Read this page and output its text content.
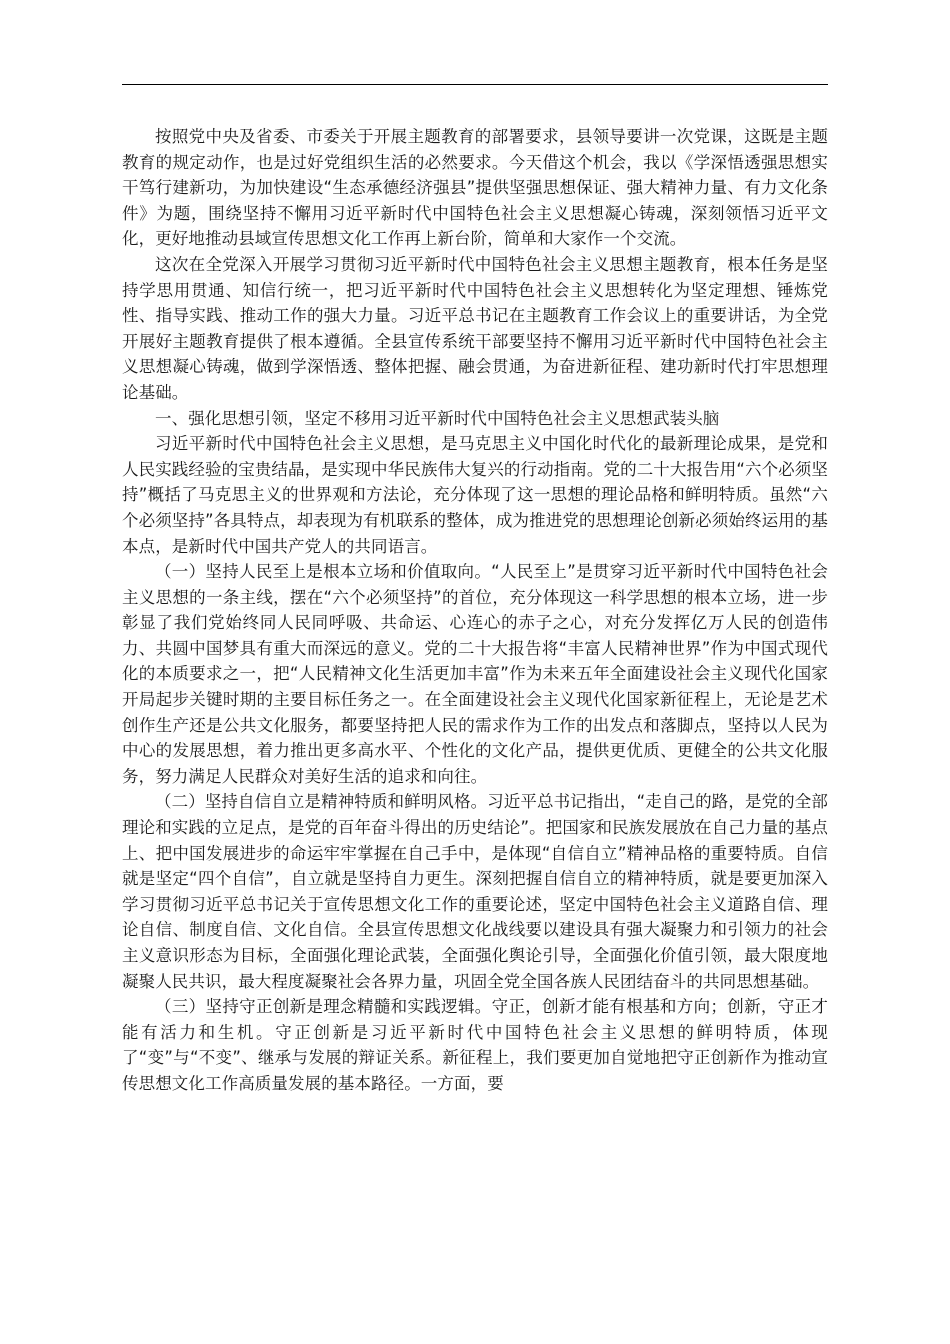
按照党中央及省委、市委关于开展主题教育的部署要求，县领导要讲一次党课，这既是主题教育的规定动作，也是过好党组织生活的必然要求。今天借这个机会，我以《学深悟透强思想实干笃行建新功，为加快建设“生态承德经济强县”提供坚强思想保证、强大精神力量、有力文化条件》为题，围绕坚持不懈用习近平新时代中国特色社会主义思想凝心铸魂，深刻领悟习近平文化，更好地推动县域宣传思想文化工作再上新台阶，简单和大家作一个交流。

这次在全党深入开展学习贯彻习近平新时代中国特色社会主义思想主题教育，根本任务是坚持学思用贯通、知信行统一，把习近平新时代中国特色社会主义思想转化为坚定理想、锤炼党性、指导实践、推动工作的强大力量。习近平总书记在主题教育工作会议上的重要讲话，为全党开展好主题教育提供了根本遵循。全县宣传系统干部要坚持不懈用习近平新时代中国特色社会主义思想凝心铸魂，做到学深悟透、整体把握、融会贯通，为奋进新征程、建功新时代打牢思想理论基础。

一、强化思想引领，坚定不移用习近平新时代中国特色社会主义思想武装头脑

习近平新时代中国特色社会主义思想，是马克思主义中国化时代化的最新理论成果，是党和人民实践经验的宝贵结晶，是实现中华民族伟大复兴的行动指南。党的二十大报告用“六个必须坚持”概括了马克思主义的世界观和方法论，充分体现了这一思想的理论品格和鲜明特质。虽然“六个必须坚持”各具特点，却表现为有机联系的整体，成为推进党的思想理论创新必须始终运用的基本点，是新时代中国共产党人的共同语言。

（一）坚持人民至上是根本立场和价值取向。“人民至上”是贯穿习近平新时代中国特色社会主义思想的一条主线，摆在“六个必须坚持”的首位，充分体现这一科学思想的根本立场，进一步彰显了我们党始终同人民同呼吸、共命运、心连心的赤子之心，对充分发挥亿万人民的创造伟力、共圆中国梦具有重大而深远的意义。党的二十大报告将“丰富人民精神世界”作为中国式现代化的本质要求之一，把“人民精神文化生活更加丰富”作为未来五年全面建设社会主义现代化国家开局起步关键时期的主要目标任务之一。在全面建设社会主义现代化国家新征程上，无论是艺术创作生产还是公共文化服务，都要坚持把人民的需求作为工作的出发点和落脚点，坚持以人民为中心的发展思想，着力推出更多高水平、个性化的文化产品，提供更优质、更健全的公共文化服务，努力满足人民群众对美好生活的追求和向往。

（二）坚持自信自立是精神特质和鲜明风格。习近平总书记指出，“走自己的路，是党的全部理论和实践的立足点，是党的百年奋斗得出的历史结论”。把国家和民族发展放在自己力量的基点上、把中国发展进步的命运牢牢掌握在自己手中，是体现“自信自立”精神品格的重要特质。自信就是坚定“四个自信”，自立就是坚持自力更生。深刻把握自信自立的精神特质，就是要更加深入学习贯彻习近平总书记关于宣传思想文化工作的重要论述，坚定中国特色社会主义道路自信、理论自信、制度自信、文化自信。全县宣传思想文化战线要以建设具有强大凝聚力和引领力的社会主义意识形态为目标，全面强化理论武装，全面强化舆论引导，全面强化价值引领，最大限度地凝聚人民共识，最大程度凝聚社会各界力量，巩固全党全国各族人民团结奋斗的共同思想基础。

（三）坚持守正创新是理念精髓和实践逻辑。守正，创新才能有根基和方向；创新，守正才能有活力和生机。守正创新是习近平新时代中国特色社会主义思想的鲜明特质，体现了“变”与“不变”、继承与发展的辩证关系。新征程上，我们要更加自觉地把守正创新作为推动宣传思想文化工作高质量发展的基本路径。一方面，要
